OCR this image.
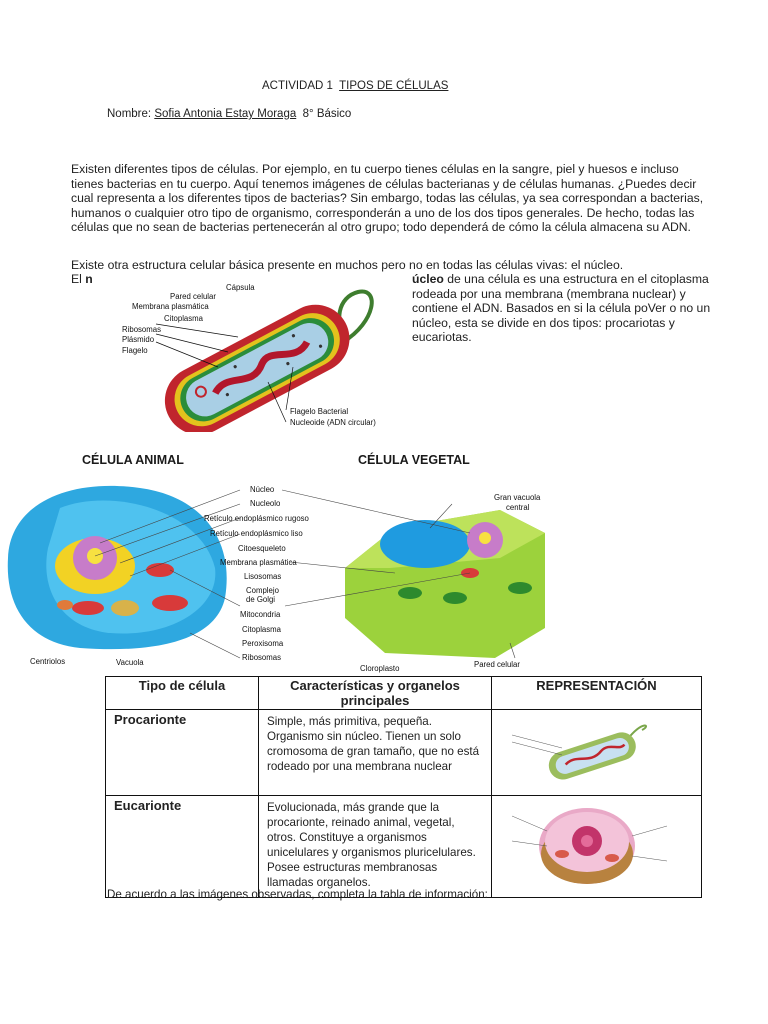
ACTIVIDAD 1 TIPOS DE CÉLULAS
Nombre: Sofia Antonia Estay Moraga 8° Básico
Existen diferentes tipos de células. Por ejemplo, en tu cuerpo tienes células en la sangre, piel y huesos e incluso tienes bacterias en tu cuerpo. Aquí tenemos imágenes de células bacterianas y de células humanas. ¿Puedes decir cual representa a los diferentes tipos de bacterias? Sin embargo, todas las células, ya sea correspondan a bacterias, humanos o cualquier otro tipo de organismo, corresponderán a uno de los dos tipos generales. De hecho, todas las células que no sean de bacterias pertenecerán al otro grupo; todo dependerá de cómo la célula almacena su ADN.
Existe otra estructura celular básica presente en muchos pero no en todas las células vivas: el núcleo.
El n	úcleo de una célula es una estructura en el citoplasma rodeada por una membrana (membrana nuclear) y contiene el ADN. Basados en si la célula poVer o no un núcleo, esta se divide en dos tipos: procariotas y eucariotas.
Cápsula
Pared celular
Membrana plasmática
Citoplasma
Ribosomas
Plásmido
Flagelo
Flagelo Bacterial
Nucleoide (ADN circular)
CÉLULA ANIMAL	CÉLULA VEGETAL
Núcleo
Nucleolo
Retículo endoplásmico rugoso
Retículo endoplásmico liso
Citoesqueleto
Membrana plasmática
Lisosomas
Complejo
de Golgi
Mitocondria
Citoplasma
Peroxisoma
Ribosomas
Centriolos	Vacuola
Gran vacuola
central
Cloroplasto	Pared celular
Tipo de célula	Características y organelos principales	REPRESENTACIÓN
Procarionte	Simple, más primitiva, pequeña. Organismo sin núcleo. Tienen un solo cromosoma de gran tamaño, que no está rodeado por una membrana nuclear	
Eucarionte	Evolucionada, más grande que la procarionte, reinado animal, vegetal, otros. Constituye a organismos unicelulares y organismos pluricelulares. Posee estructuras membranosas llamadas organelos.	
De acuerdo a las imágenes observadas, completa la tabla de información:
